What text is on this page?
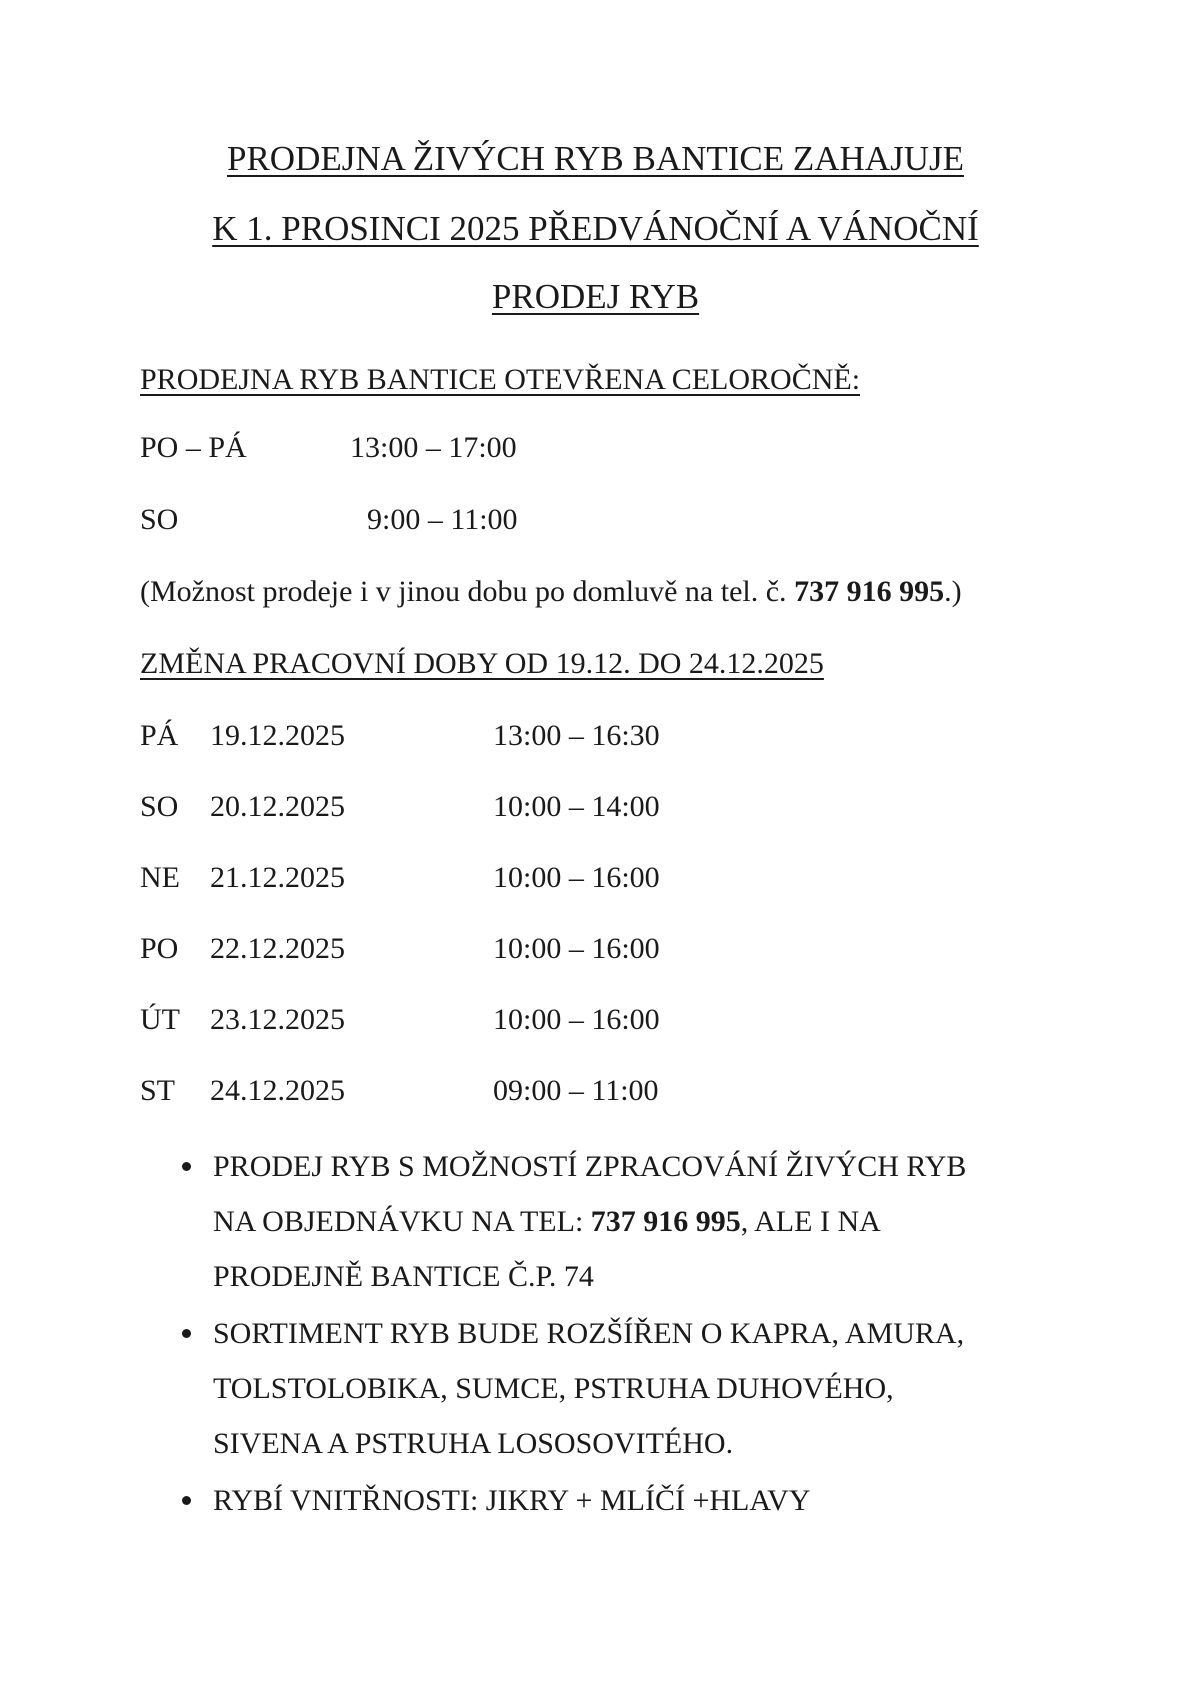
PRODEJNA ŽIVÝCH RYB BANTICE ZAHAJUJE
K 1. PROSINCI 2025 PŘEDVÁNOČNÍ A VÁNOČNÍ
PRODEJ RYB
PRODEJNA RYB BANTICE OTEVŘENA CELOROČNĚ:
PO – PÁ	13:00 – 17:00
SO	9:00 – 11:00
(Možnost prodeje i v jinou dobu po domluvě na tel. č. 737 916 995.)
ZMĚNA PRACOVNÍ DOBY OD 19.12. DO 24.12.2025
PÁ 19.12.2025	13:00 – 16:30
SO 20.12.2025	10:00 – 14:00
NE 21.12.2025	10:00 – 16:00
PO 22.12.2025	10:00 – 16:00
ÚT 23.12.2025	10:00 – 16:00
ST 24.12.2025	09:00 – 11:00
PRODEJ RYB S MOŽNOSTÍ ZPRACOVÁNÍ ŽIVÝCH RYB
NA OBJEDNÁVKU NA TEL: 737 916 995, ALE I NA
PRODEJNĚ BANTICE Č.P. 74
SORTIMENT RYB BUDE ROZŠÍŘEN O KAPRA, AMURA,
TOLSTOLOBIKA, SUMCE, PSTRUHA DUHOVÉHO,
SIVENA A PSTRUHA LOSOSOVITÉHO.
RYBÍ VNITŘNOSTI: JIKRY + MLÍČÍ +HLAVY
